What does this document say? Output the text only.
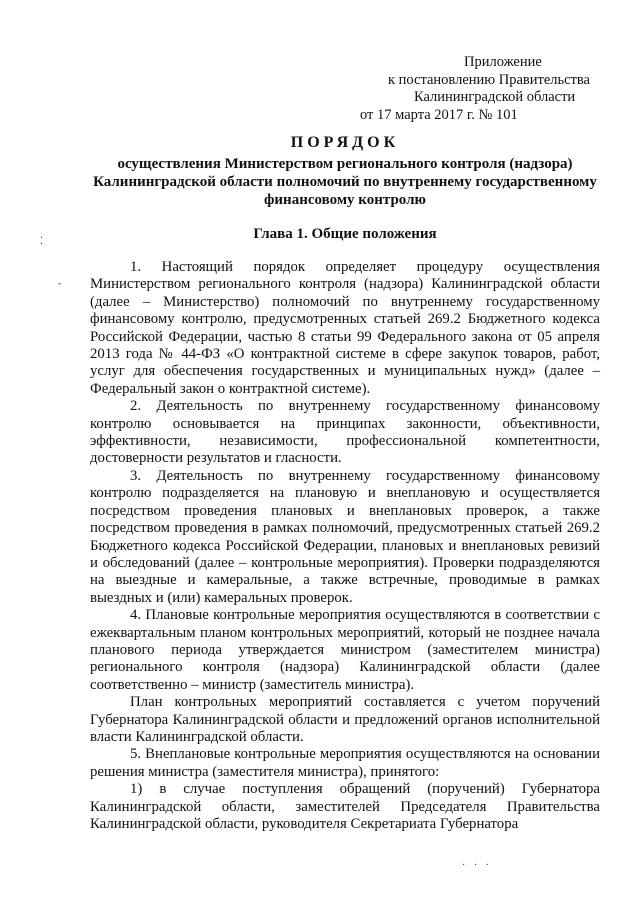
Приложение
к постановлению Правительства
Калининградской области
от 17 марта 2017 г. № 101
ПОРЯДОК
осуществления Министерством регионального контроля (надзора) Калининградской области полномочий по внутреннему государственному финансовому контролю
Глава 1. Общие положения

1. Настоящий порядок определяет процедуру осуществления Министерством регионального контроля (надзора) Калининградской области (далее – Министерство) полномочий по внутреннему государственному финансовому контролю, предусмотренных статьей 269.2 Бюджетного кодекса Российской Федерации, частью 8 статьи 99 Федерального закона от 05 апреля 2013 года № 44-ФЗ «О контрактной системе в сфере закупок товаров, работ, услуг для обеспечения государственных и муниципальных нужд» (далее – Федеральный закон о контрактной системе).

2. Деятельность по внутреннему государственному финансовому контролю основывается на принципах законности, объективности, эффективности, независимости, профессиональной компетентности, достоверности результатов и гласности.

3. Деятельность по внутреннему государственному финансовому контролю подразделяется на плановую и внеплановую и осуществляется посредством проведения плановых и внеплановых проверок, а также посредством проведения в рамках полномочий, предусмотренных статьей 269.2 Бюджетного кодекса Российской Федерации, плановых и внеплановых ревизий и обследований (далее – контрольные мероприятия). Проверки подразделяются на выездные и камеральные, а также встречные, проводимые в рамках выездных и (или) камеральных проверок.

4. Плановые контрольные мероприятия осуществляются в соответствии с ежеквартальным планом контрольных мероприятий, который не позднее начала планового периода утверждается министром (заместителем министра) регионального контроля (надзора) Калининградской области (далее соответственно – министр (заместитель министра).

План контрольных мероприятий составляется с учетом поручений Губернатора Калининградской области и предложений органов исполнительной власти Калининградской области.

5. Внеплановые контрольные мероприятия осуществляются на основании решения министра (заместителя министра), принятого:

1) в случае поступления обращений (поручений) Губернатора Калининградской области, заместителей Председателя Правительства Калининградской области, руководителя Секретариата Губернатора

⁚
ˬ
· · ·
